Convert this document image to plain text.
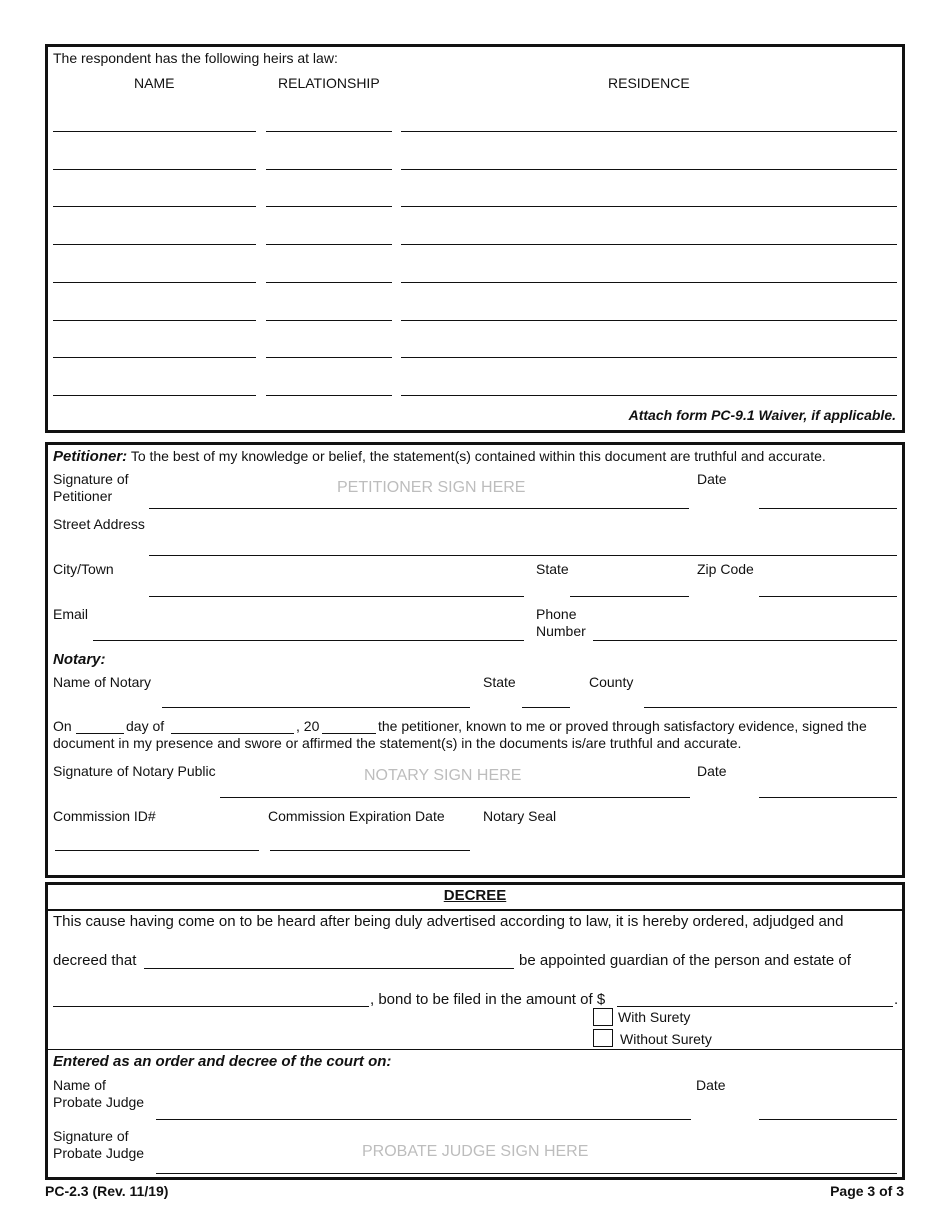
The respondent has the following heirs at law:
NAME	RELATIONSHIP	RESIDENCE
Attach form PC-9.1 Waiver, if applicable.
Petitioner: To the best of my knowledge or belief, the statement(s) contained within this document are truthful and accurate.
Signature of
Petitioner	PETITIONER SIGN HERE	Date
Street Address
City/Town	State	Zip Code
Email	Phone
Number
Notary:
Name of Notary	State	County
On	day of	, 20	the petitioner, known to me or proved through satisfactory evidence, signed the
document in my presence and swore or affirmed the statement(s) in the documents is/are truthful and accurate.
Signature of Notary Public	NOTARY SIGN HERE	Date
Commission ID#	Commission Expiration Date	Notary Seal
DECREE
This cause having come on to be heard after being duly advertised according to law, it is hereby ordered, adjudged and
decreed that	be appointed guardian of the person and estate of
, bond to be filed in the amount of $	.
With Surety
Without Surety
Entered as an order and decree of the court on:
Name of
Probate Judge
Date
Signature of
Probate Judge	PROBATE JUDGE SIGN HERE
PC-2.3 (Rev. 11/19)	Page 3 of 3
